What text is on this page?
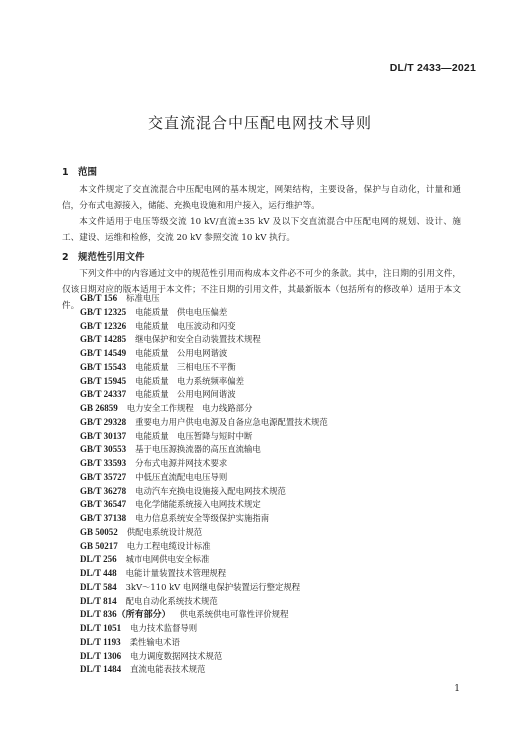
DL/T 2433—2021
交直流混合中压配电网技术导则
1 范围

本文件规定了交直流混合中压配电网的基本规定，网架结构，主要设备，保护与自动化，计量和通信，分布式电源接入，储能、充换电设施和用户接入，运行维护等。

本文件适用于电压等级交流 10 kV/直流±35 kV 及以下交直流混合中压配电网的规划、设计、施工、建设、运维和检修，交流 20 kV 参照交流 10 kV 执行。

2 规范性引用文件

下列文件中的内容通过文中的规范性引用而构成本文件必不可少的条款。其中，注日期的引用文件，仅该日期对应的版本适用于本文件；不注日期的引用文件，其最新版本（包括所有的修改单）适用于本文件。

GB/T 156 标准电压
GB/T 12325 电能质量　供电电压偏差
GB/T 12326 电能质量　电压波动和闪变
GB/T 14285 继电保护和安全自动装置技术规程
GB/T 14549 电能质量　公用电网谐波
GB/T 15543 电能质量　三相电压不平衡
GB/T 15945 电能质量　电力系统频率偏差
GB/T 24337 电能质量　公用电网间谐波
GB 26859 电力安全工作规程　电力线路部分
GB/T 29328 重要电力用户供电电源及自备应急电源配置技术规范
GB/T 30137 电能质量　电压暂降与短时中断
GB/T 30553 基于电压源换流器的高压直流输电
GB/T 33593 分布式电源并网技术要求
GB/T 35727 中低压直流配电电压导则
GB/T 36278 电动汽车充换电设施接入配电网技术规范
GB/T 36547 电化学储能系统接入电网技术规定
GB/T 37138 电力信息系统安全等级保护实施指南
GB 50052 供配电系统设计规范
GB 50217 电力工程电缆设计标准
DL/T 256 城市电网供电安全标准
DL/T 448 电能计量装置技术管理规程
DL/T 584 3kV～110 kV 电网继电保护装置运行整定规程
DL/T 814 配电自动化系统技术规范
DL/T 836（所有部分） 供电系统供电可靠性评价规程
DL/T 1051 电力技术监督导则
DL/T 1193 柔性输电术语
DL/T 1306 电力调度数据网技术规范
DL/T 1484 直流电能表技术规范
1
